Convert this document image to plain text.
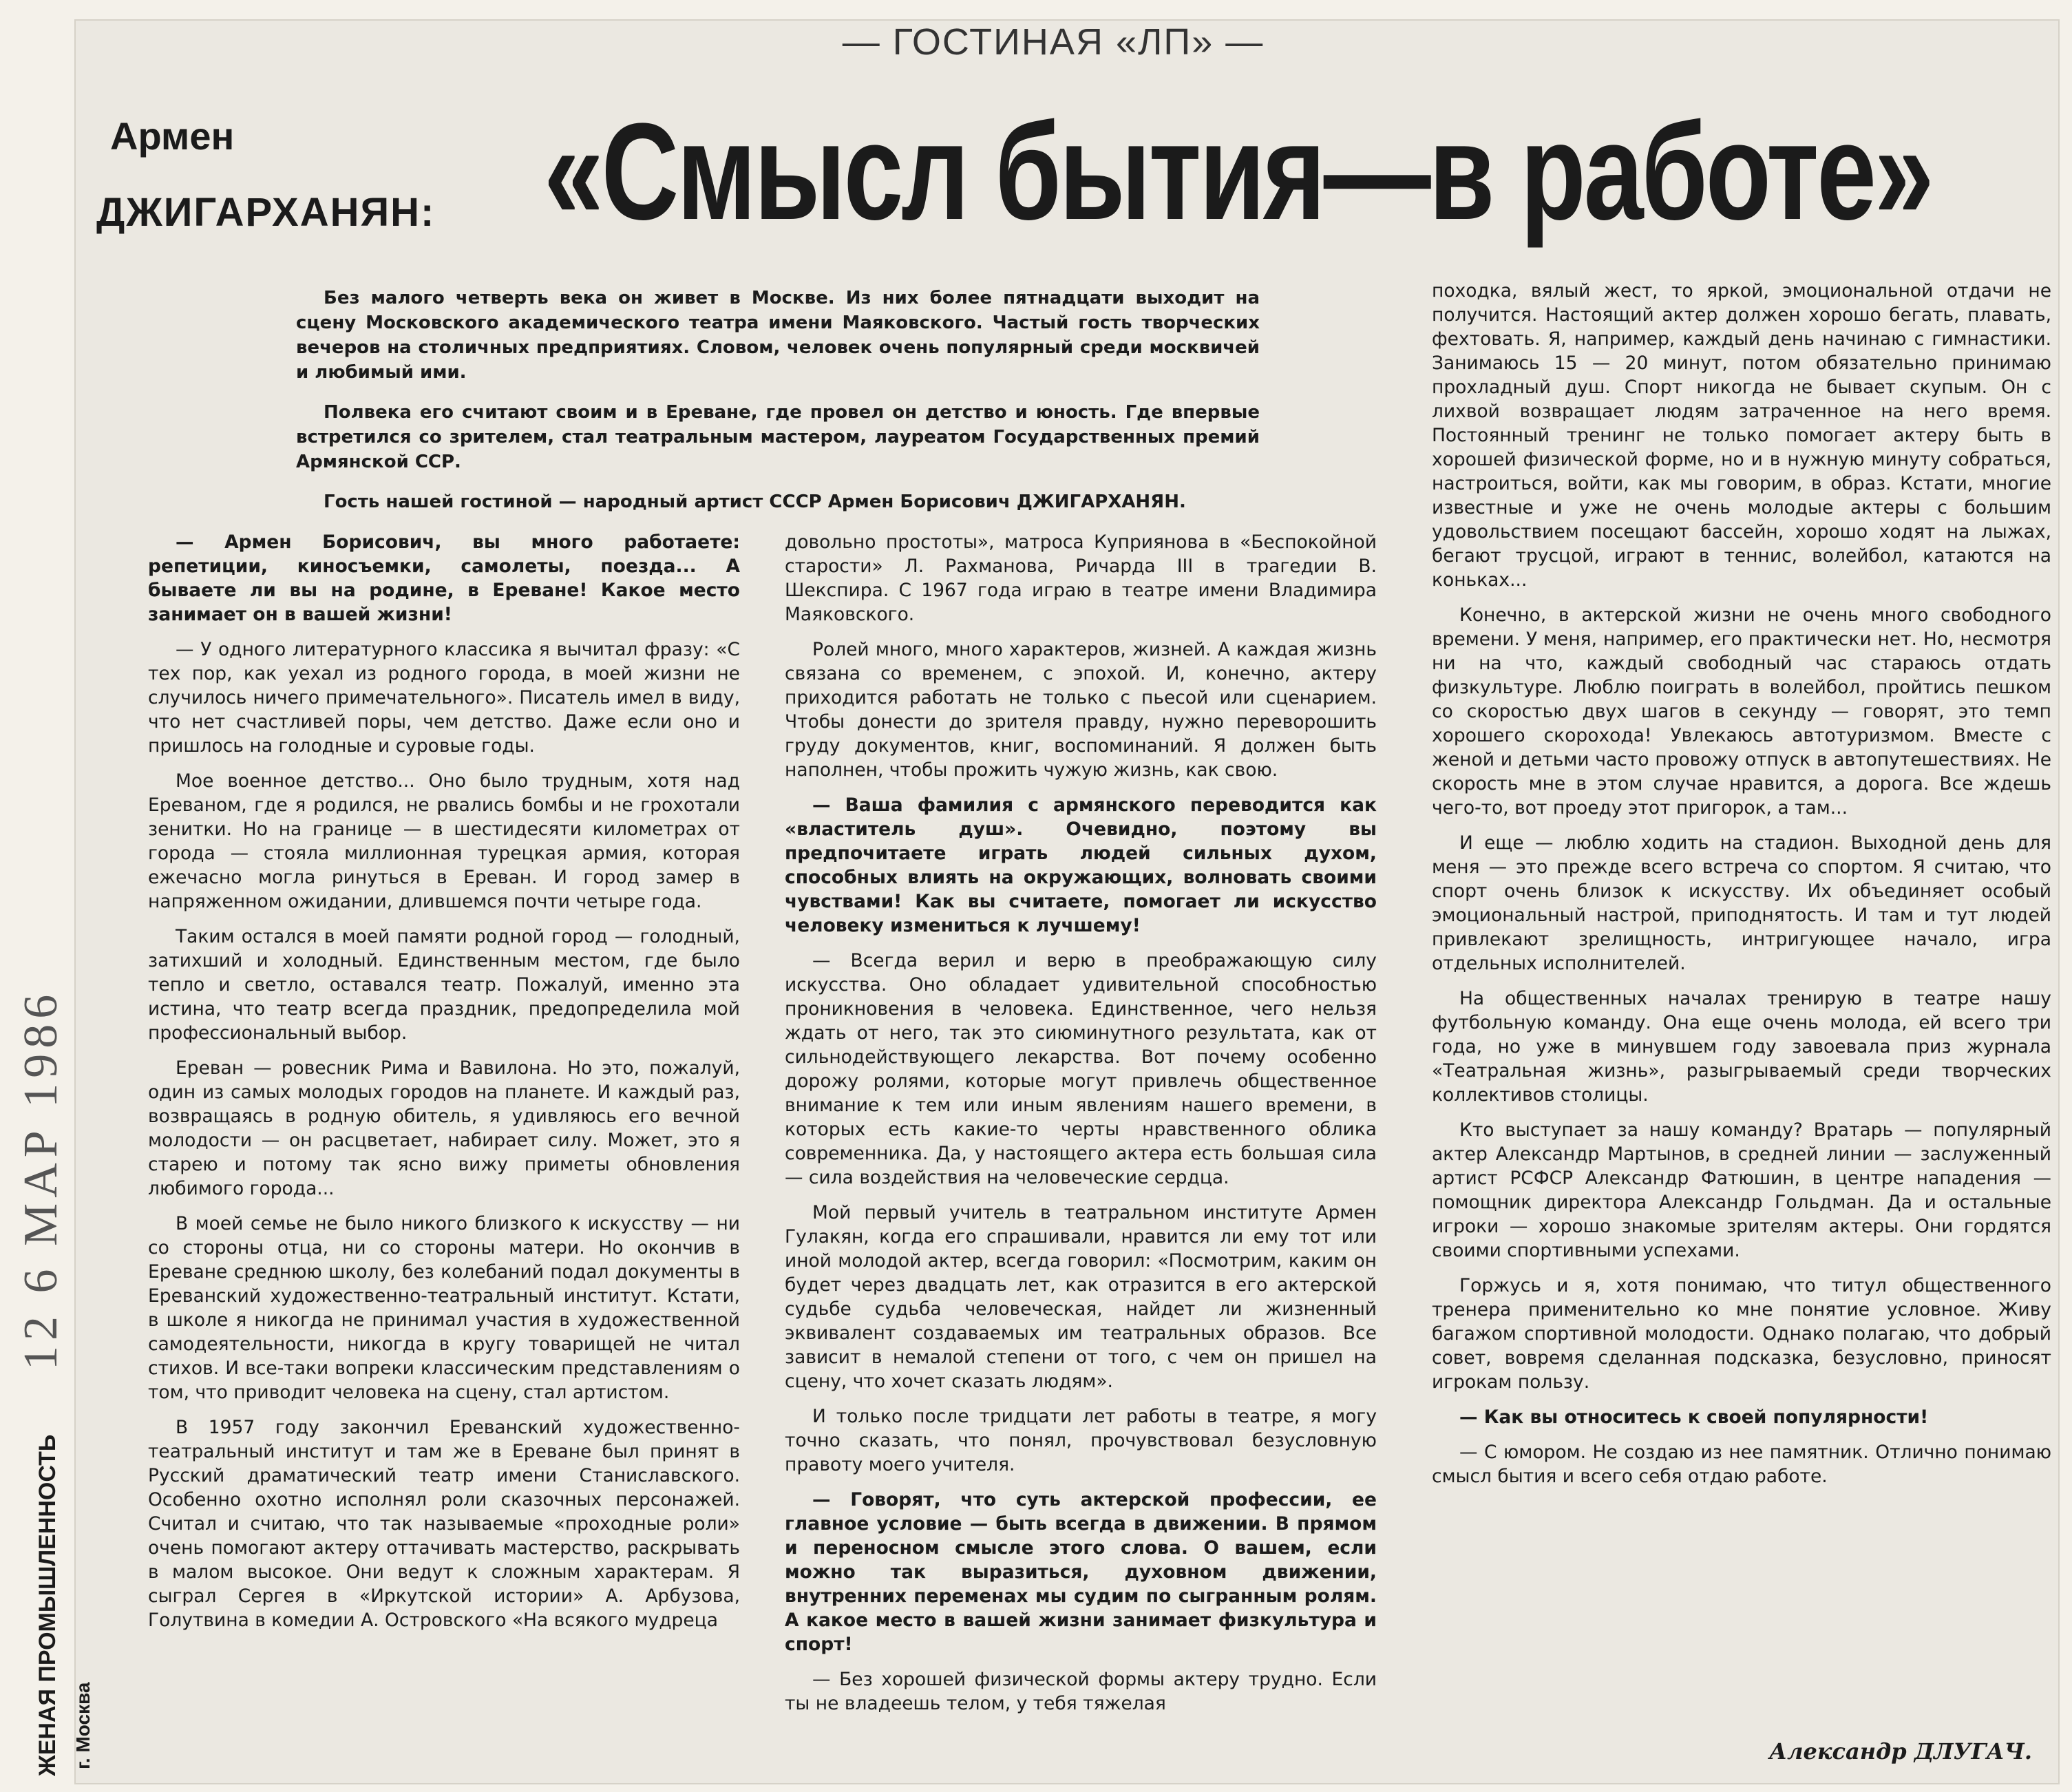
— ГОСТИНАЯ «ЛП» —
Армен
ДЖИГАРХАНЯН: «Смысл бытия—в работе»

Без малого четверть века он живет в Москве. Из них более пятнадцати выходит на сцену Московского академического театра имени Маяковского. Частый гость творческих вечеров на столичных предприятиях. Словом, человек очень популярный среди москвичей и любимый ими.

Полвека его считают своим и в Ереване, где провел он детство и юность. Где впервые встретился со зрителем, стал театральным мастером, лауреатом Государственных премий Армянской ССР.

Гость нашей гостиной — народный артист СССР Армен Борисович ДЖИГАРХАНЯН.

— Армен Борисович, вы много работаете: репетиции, киносъемки, самолеты, поезда... А бываете ли вы на родине, в Ереване! Какое место занимает он в вашей жизни!

— У одного литературного классика я вычитал фразу: «С тех пор, как уехал из родного города, в моей жизни не случилось ничего примечательного». Писатель имел в виду, что нет счастливей поры, чем детство. Даже если оно и пришлось на голодные и суровые годы.

Мое военное детство... Оно было трудным, хотя над Ереваном, где я родился, не рвались бомбы и не грохотали зенитки. Но на границе — в шестидесяти километрах от города — стояла миллионная турецкая армия, которая ежечасно могла ринуться в Ереван. И город замер в напряженном ожидании, длившемся почти четыре года.

Таким остался в моей памяти родной город — голодный, затихший и холодный. Единственным местом, где было тепло и светло, оставался театр. Пожалуй, именно эта истина, что театр всегда праздник, предопределила мой профессиональный выбор.

Ереван — ровесник Рима и Вавилона. Но это, пожалуй, один из самых молодых городов на планете. И каждый раз, возвращаясь в родную обитель, я удивляюсь его вечной молодости — он расцветает, набирает силу. Может, это я старею и потому так ясно вижу приметы обновления любимого города...

В моей семье не было никого близкого к искусству — ни со стороны отца, ни со стороны матери. Но окончив в Ереване среднюю школу, без колебаний подал документы в Ереванский художественно-театральный институт. Кстати, в школе я никогда не принимал участия в художественной самодеятельности, никогда в кругу товарищей не читал стихов. И все-таки вопреки классическим представлениям о том, что приводит человека на сцену, стал артистом.

В 1957 году закончил Ереванский художественно-театральный институт и там же в Ереване был принят в Русский драматический театр имени Станиславского. Особенно охотно исполнял роли сказочных персонажей. Считал и считаю, что так называемые «проходные роли» очень помогают актеру оттачивать мастерство, раскрывать в малом высокое. Они ведут к сложным характерам. Я сыграл Сергея в «Иркутской истории» А. Арбузова, Голутвина в комедии А. Островского «На всякого мудреца

довольно простоты», матроса Куприянова в «Беспокойной старости» Л. Рахманова, Ричарда III в трагедии В. Шекспира. С 1967 года играю в театре имени Владимира Маяковского.

Ролей много, много характеров, жизней. А каждая жизнь связана со временем, с эпохой. И, конечно, актеру приходится работать не только с пьесой или сценарием. Чтобы донести до зрителя правду, нужно переворошить груду документов, книг, воспоминаний. Я должен быть наполнен, чтобы прожить чужую жизнь, как свою.

— Ваша фамилия с армянского переводится как «властитель душ». Очевидно, поэтому вы предпочитаете играть людей сильных духом, способных влиять на окружающих, волновать своими чувствами! Как вы считаете, помогает ли искусство человеку измениться к лучшему!

— Всегда верил и верю в преображающую силу искусства. Оно обладает удивительной способностью проникновения в человека. Единственное, чего нельзя ждать от него, так это сиюминутного результата, как от сильнодействующего лекарства. Вот почему особенно дорожу ролями, которые могут привлечь общественное внимание к тем или иным явлениям нашего времени, в которых есть какие-то черты нравственного облика современника. Да, у настоящего актера есть большая сила — сила воздействия на человеческие сердца.

Мой первый учитель в театральном институте Армен Гулакян, когда его спрашивали, нравится ли ему тот или иной молодой актер, всегда говорил: «Посмотрим, каким он будет через двадцать лет, как отразится в его актерской судьбе судьба человеческая, найдет ли жизненный эквивалент создаваемых им театральных образов. Все зависит в немалой степени от того, с чем он пришел на сцену, что хочет сказать людям».

И только после тридцати лет работы в театре, я могу точно сказать, что понял, прочувствовал безусловную правоту моего учителя.

— Говорят, что суть актерской профессии, ее главное условие — быть всегда в движении. В прямом и переносном смысле этого слова. О вашем, если можно так выразиться, духовном движении, внутренних переменах мы судим по сыгранным ролям. А какое место в вашей жизни занимает физкультура и спорт!

— Без хорошей физической формы актеру трудно. Если ты не владеешь телом, у тебя тяжелая

походка, вялый жест, то яркой, эмоциональной отдачи не получится. Настоящий актер должен хорошо бегать, плавать, фехтовать. Я, например, каждый день начинаю с гимнастики. Занимаюсь 15 — 20 минут, потом обязательно принимаю прохладный душ. Спорт никогда не бывает скупым. Он с лихвой возвращает людям затраченное на него время. Постоянный тренинг не только помогает актеру быть в хорошей физической форме, но и в нужную минуту собраться, настроиться, войти, как мы говорим, в образ. Кстати, многие известные и уже не очень молодые актеры с большим удовольствием посещают бассейн, хорошо ходят на лыжах, бегают трусцой, играют в теннис, волейбол, катаются на коньках...

Конечно, в актерской жизни не очень много свободного времени. У меня, например, его практически нет. Но, несмотря ни на что, каждый свободный час стараюсь отдать физкультуре. Люблю поиграть в волейбол, пройтись пешком со скоростью двух шагов в секунду — говорят, это темп хорошего скорохода! Увлекаюсь автотуризмом. Вместе с женой и детьми часто провожу отпуск в автопутешествиях. Не скорость мне в этом случае нравится, а дорога. Все ждешь чего-то, вот проеду этот пригорок, а там...

И еще — люблю ходить на стадион. Выходной день для меня — это прежде всего встреча со спортом. Я считаю, что спорт очень близок к искусству. Их объединяет особый эмоциональный настрой, приподнятость. И там и тут людей привлекают зрелищность, интригующее начало, игра отдельных исполнителей.

На общественных началах тренирую в театре нашу футбольную команду. Она еще очень молода, ей всего три года, но уже в минувшем году завоевала приз журнала «Театральная жизнь», разыгрываемый среди творческих коллективов столицы.

Кто выступает за нашу команду? Вратарь — популярный актер Александр Мартынов, в средней линии — заслуженный артист РСФСР Александр Фатюшин, в центре нападения — помощник директора Александр Гольдман. Да и остальные игроки — хорошо знакомые зрителям актеры. Они гордятся своими спортивными успехами.

Горжусь и я, хотя понимаю, что титул общественного тренера применительно ко мне понятие условное. Живу багажом спортивной молодости. Однако полагаю, что добрый совет, вовремя сделанная подсказка, безусловно, приносят игрокам пользу.

— Как вы относитесь к своей популярности!

— С юмором. Не создаю из нее памятник. Отлично понимаю смысл бытия и всего себя отдаю работе.

Александр ДЛУГАЧ.
12 6 МАР 1986
ЖЕНАЯ ПРОМЫШЛЕННОСТЬ г. Москва
